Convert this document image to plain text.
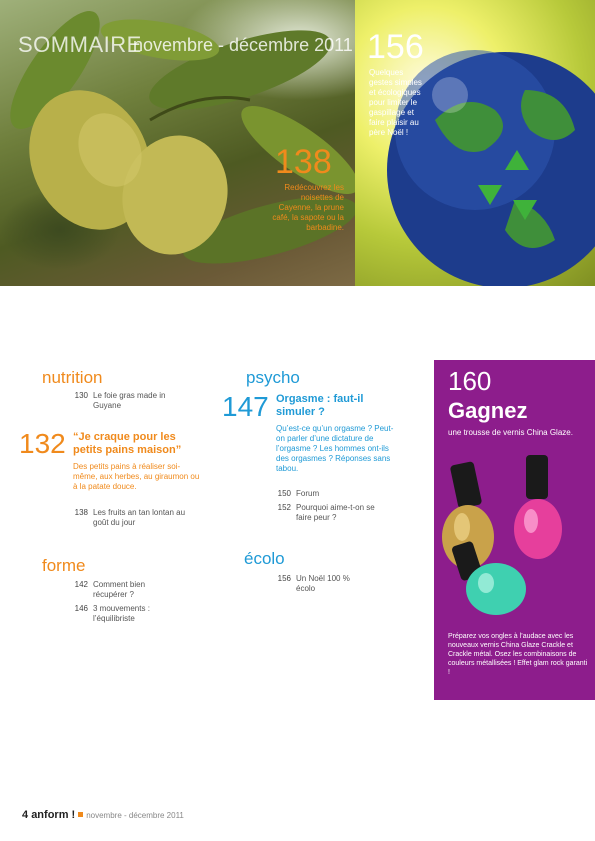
SOMMAIRE
novembre - décembre 2011
138
Redécouvrez les noisettes de Cayenne, la prune café, la sapote ou la barbadine.
156
Quelques gestes simples et écologiques pour limiter le gaspillage et faire plaisir au père Noël !
nutrition
130 Le foie gras made in Guyane
132 “Je craque pour les petits pains maison”
Des petits pains à réaliser soi-même, aux herbes, au giraumon ou à la patate douce.
138 Les fruits an tan lontan au goût du jour
forme
142 Comment bien récupérer ?
146 3 mouvements : l’équilibriste
psycho
147 Orgasme : faut-il simuler ?
Qu’est-ce qu’un orgasme ? Peut-on parler d’une dictature de l’orgasme ? Les hommes ont-ils des orgasmes ? Réponses sans tabou.
150 Forum
152 Pourquoi aime-t-on se faire peur ?
écolo
156 Un Noël 100 % écolo
160
Gagnez
une trousse de vernis China Glaze.
Préparez vos ongles à l’audace avec les nouveaux vernis China Glaze Crackle et Crackle métal. Osez les combinaisons de couleurs métallisées ! Effet glam rock garanti !
4 anform ! novembre - décembre 2011
